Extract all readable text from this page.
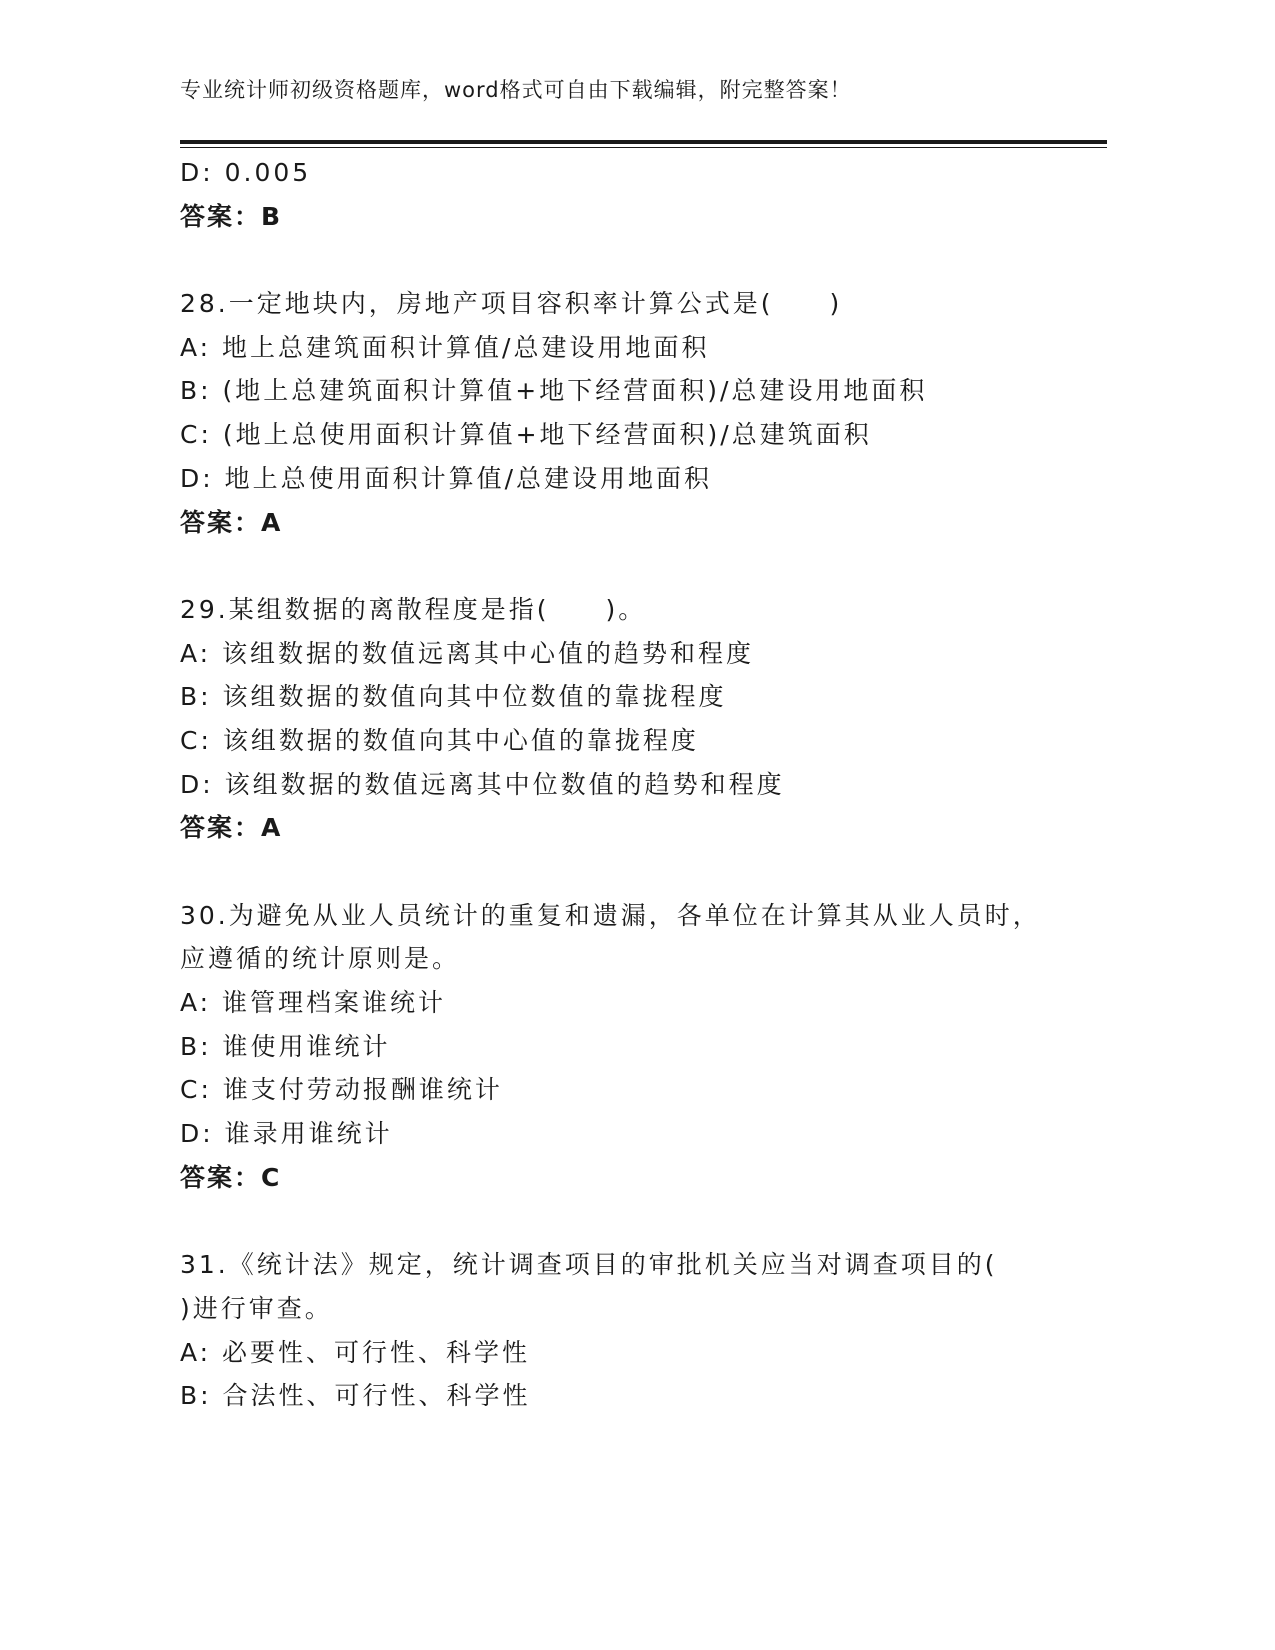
专业统计师初级资格题库，word格式可自由下载编辑，附完整答案！
D: 0.005
答案：B
28.一定地块内，房地产项目容积率计算公式是(　　)
A: 地上总建筑面积计算值/总建设用地面积
B: (地上总建筑面积计算值+地下经营面积)/总建设用地面积
C: (地上总使用面积计算值+地下经营面积)/总建筑面积
D: 地上总使用面积计算值/总建设用地面积
答案：A
29.某组数据的离散程度是指(　　)。
A: 该组数据的数值远离其中心值的趋势和程度
B: 该组数据的数值向其中位数值的靠拢程度
C: 该组数据的数值向其中心值的靠拢程度
D: 该组数据的数值远离其中位数值的趋势和程度
答案：A
30.为避免从业人员统计的重复和遗漏，各单位在计算其从业人员时，
应遵循的统计原则是。
A: 谁管理档案谁统计
B: 谁使用谁统计
C: 谁支付劳动报酬谁统计
D: 谁录用谁统计
答案：C
31.《统计法》规定，统计调查项目的审批机关应当对调查项目的(
)进行审查。
A: 必要性、可行性、科学性
B: 合法性、可行性、科学性
